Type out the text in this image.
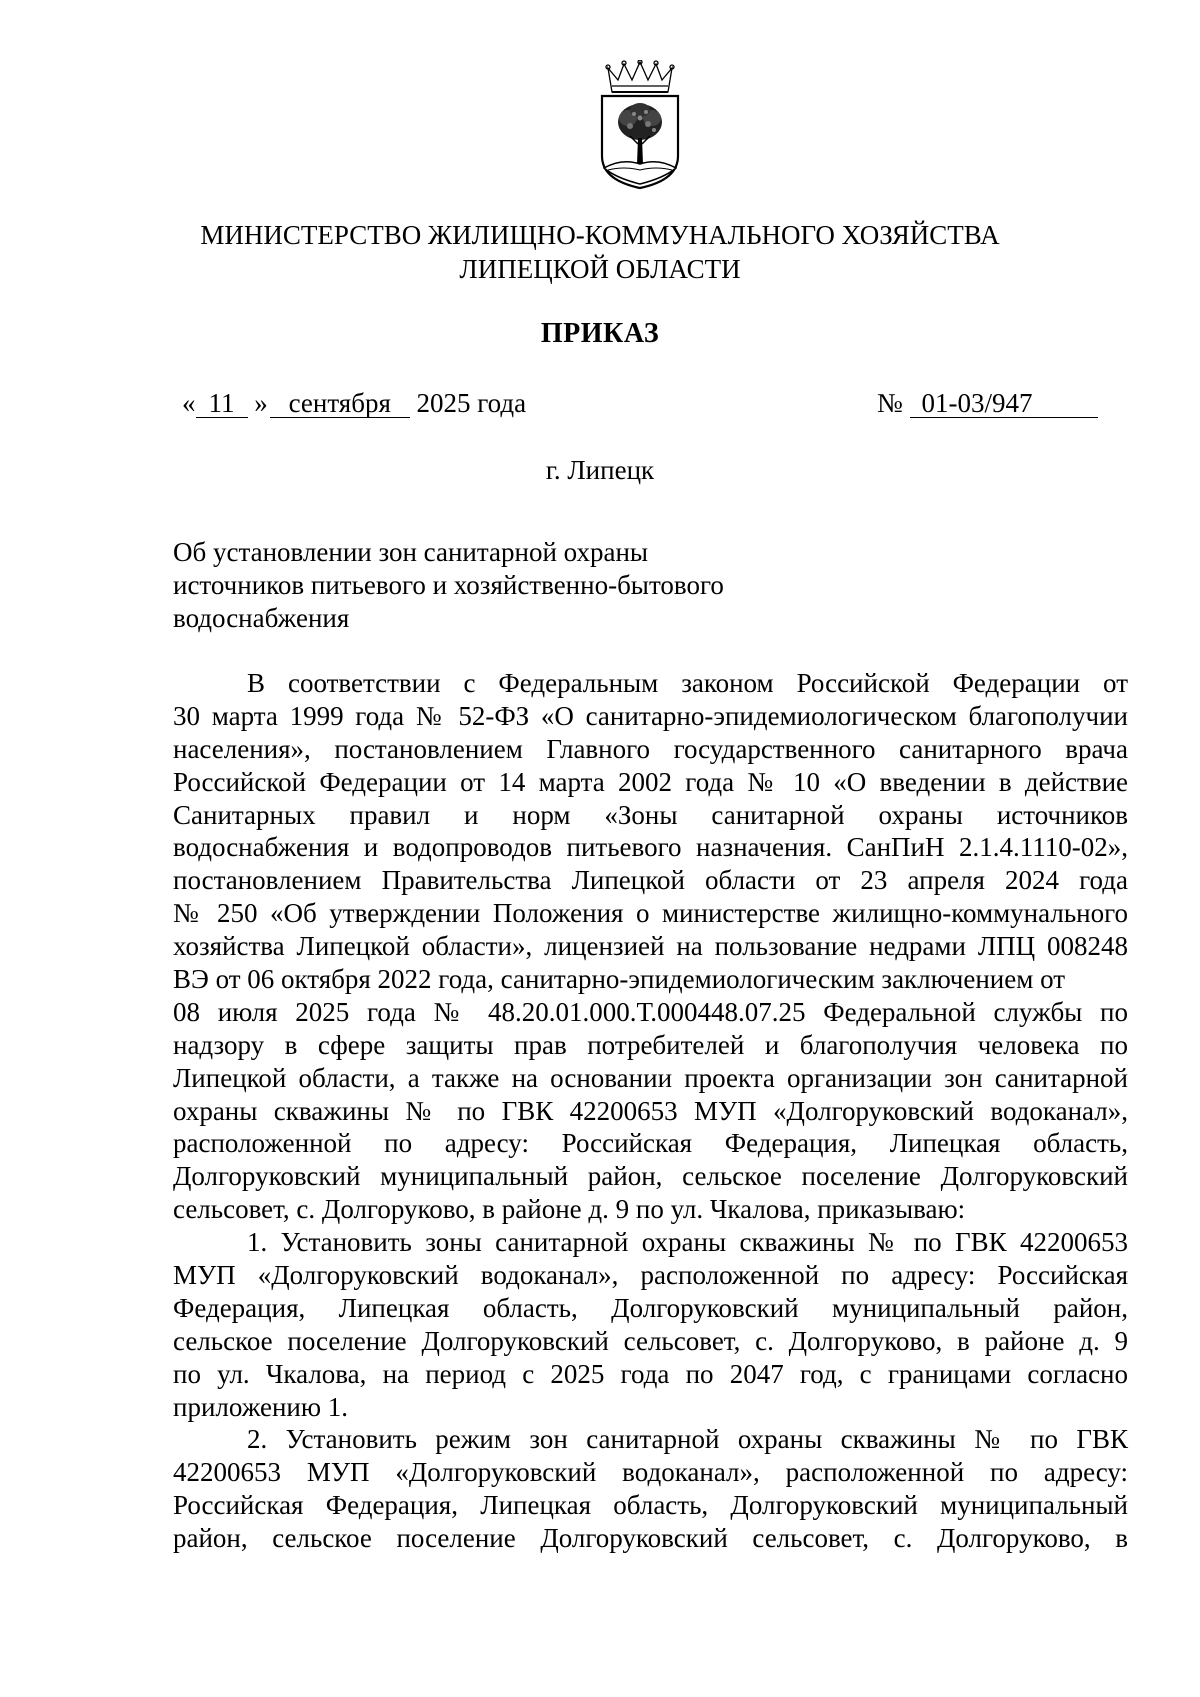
МИНИСТЕРСТВО ЖИЛИЩНО-КОММУНАЛЬНОГО ХОЗЯЙСТВА
ЛИПЕЦКОЙ ОБЛАСТИ
ПРИКАЗ
« 11 » сентября 2025 года	№ 01-03/947
г. Липецк
Об установлении зон санитарной охраны
источников питьевого и хозяйственно-бытового
водоснабжения
В соответствии с Федеральным законом Российской Федерации от
30 марта 1999 года № 52-ФЗ «О санитарно-эпидемиологическом благополучии
населения», постановлением Главного государственного санитарного врача
Российской Федерации от 14 марта 2002 года № 10 «О введении в действие
Санитарных правил и норм «Зоны санитарной охраны источников
водоснабжения и водопроводов питьевого назначения. СанПиН 2.1.4.1110-02»,
постановлением Правительства Липецкой области от 23 апреля 2024 года
№ 250 «Об утверждении Положения о министерстве жилищно-коммунального
хозяйства Липецкой области», лицензией на пользование недрами ЛПЦ 008248
ВЭ от 06 октября 2022 года, санитарно-эпидемиологическим заключением от
08 июля 2025 года № 48.20.01.000.Т.000448.07.25 Федеральной службы по
надзору в сфере защиты прав потребителей и благополучия человека по
Липецкой области, а также на основании проекта организации зон санитарной
охраны скважины № по ГВК 42200653 МУП «Долгоруковский водоканал»,
расположенной по адресу: Российская Федерация, Липецкая область,
Долгоруковский муниципальный район, сельское поселение Долгоруковский
сельсовет, с. Долгоруково, в районе д. 9 по ул. Чкалова, приказываю:
1. Установить зоны санитарной охраны скважины № по ГВК 42200653
МУП «Долгоруковский водоканал», расположенной по адресу: Российская
Федерация, Липецкая область, Долгоруковский муниципальный район,
сельское поселение Долгоруковский сельсовет, с. Долгоруково, в районе д. 9
по ул. Чкалова, на период с 2025 года по 2047 год, с границами согласно
приложению 1.
2. Установить режим зон санитарной охраны скважины № по ГВК
42200653 МУП «Долгоруковский водоканал», расположенной по адресу:
Российская Федерация, Липецкая область, Долгоруковский муниципальный
район, сельское поселение Долгоруковский сельсовет, с. Долгоруково, в
